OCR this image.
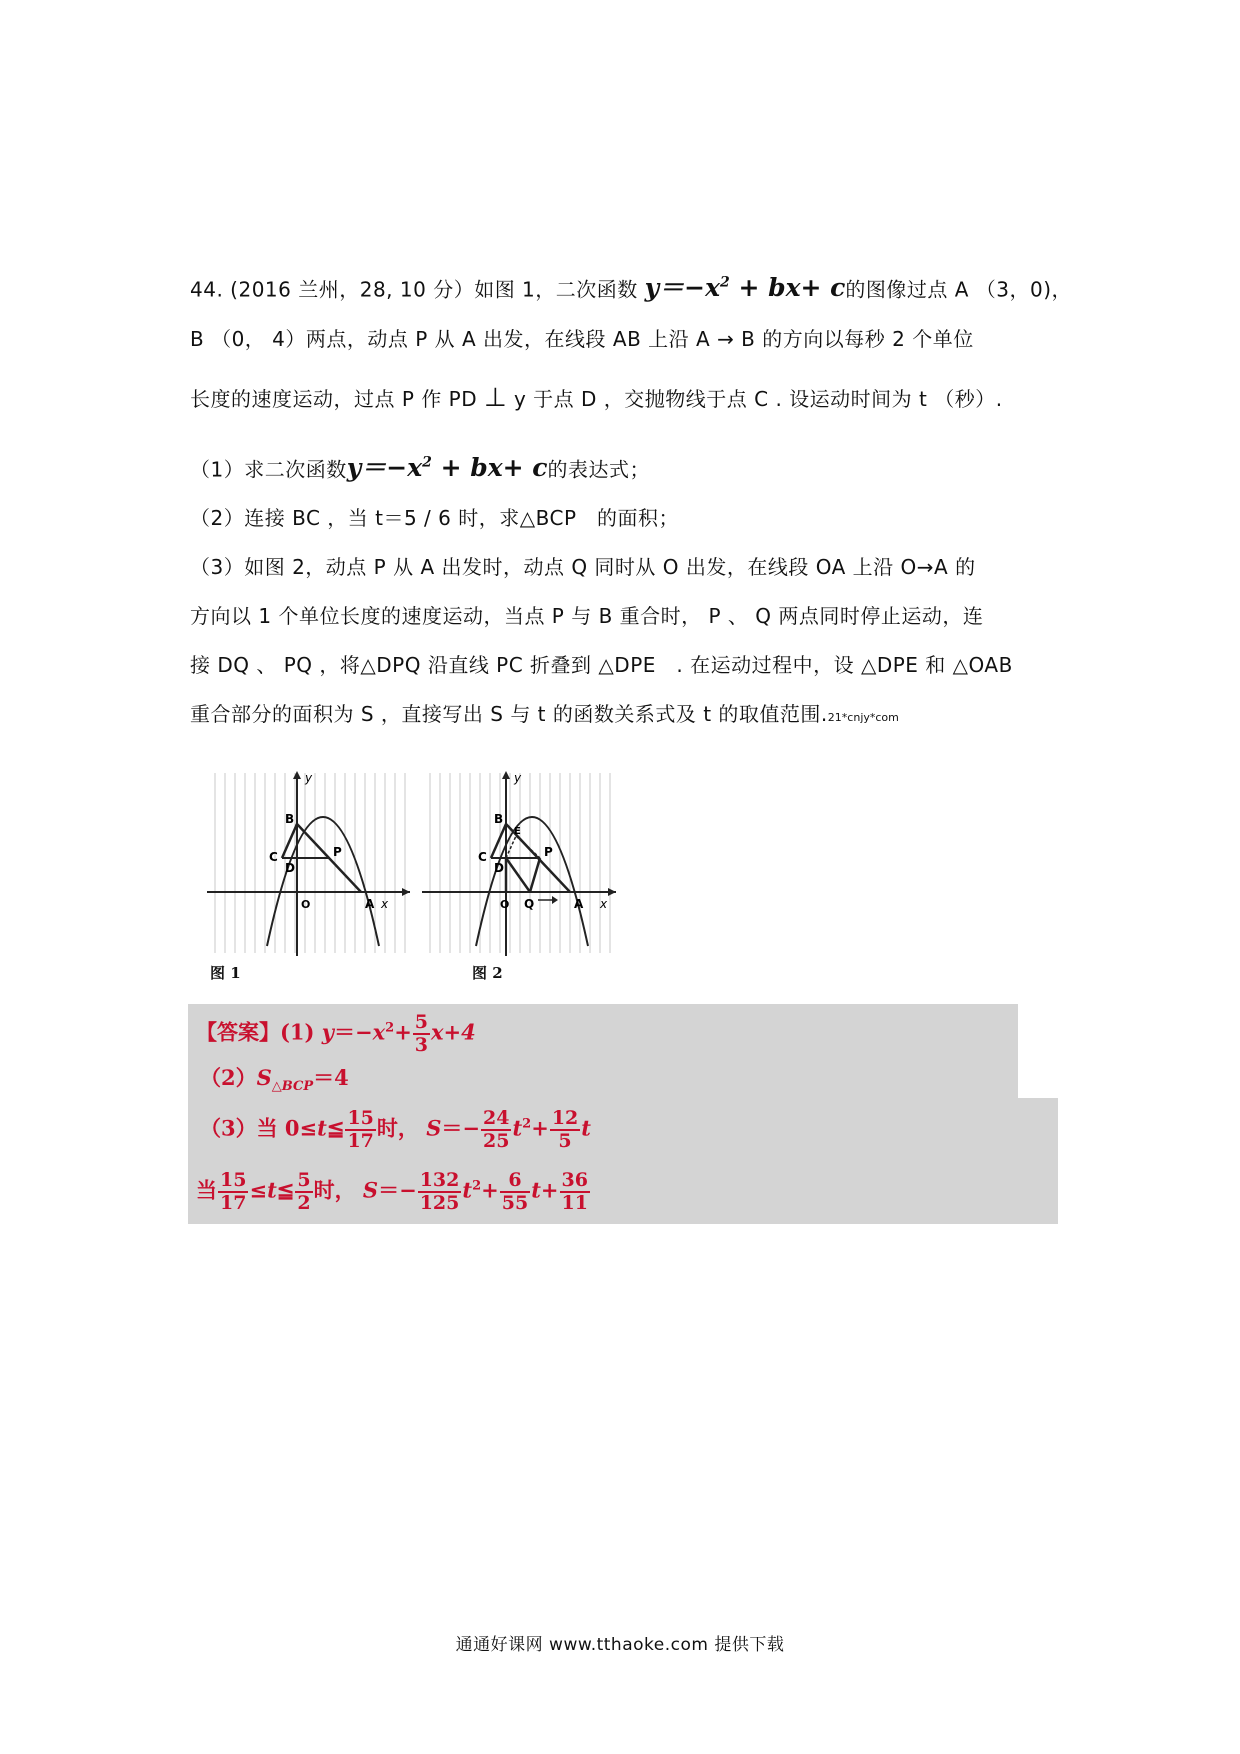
44. (2016 兰州，28, 10 分）如图 1，二次函数 $y=-x^2 + bx+ c$的图像过点 A （3，0)，
B （0， 4）两点，动点 P 从 A 出发，在线段 AB 上沿 A → B 的方向以每秒 2 个单位
长度的速度运动，过点 P 作 PD ⊥ y 于点 D ，交抛物线于点 C . 设运动时间为 t （秒）.
（1）求二次函数$y=-x^2 + bx+ c$的表达式；
（2）连接 BC ，当 t＝5 / 6 时，求△BCP　的面积；
（3）如图 2，动点 P 从 A 出发时，动点 Q 同时从 O 出发，在线段 OA 上沿 O→A 的
方向以 1 个单位长度的速度运动，当点 P 与 B 重合时， P 、 Q 两点同时停止运动，连
接 DQ 、 PQ ，将△DPQ 沿直线 PC 折叠到 △DPE　. 在运动过程中，设 △DPE 和 △OAB
重合部分的面积为 S ，直接写出 S 与 t 的函数关系式及 t 的取值范围.21*cnjy*com
B
C
D
P
O	A x
y
图 1
B
E
C
D
P
O Q	A x
y
图 2
【答案】(1) $y=-x^2+ \frac{5}{3} x+4$
$(2)S_{\triangle BCP}=4$
（3）当 0≤t≦ $\frac{15}{17}$ 时， $S=- \frac{24}{25} t^2+ \frac{12}{5}$ t
当 $\frac{15}{17}$ ≤t≦ $\frac{5}{2}$ 时， $S=- \frac{132}{125} t^2+ \frac{6}{55} t+ \frac{36}{11}$
通通好课网 www.tthaoke.com 提供下载
